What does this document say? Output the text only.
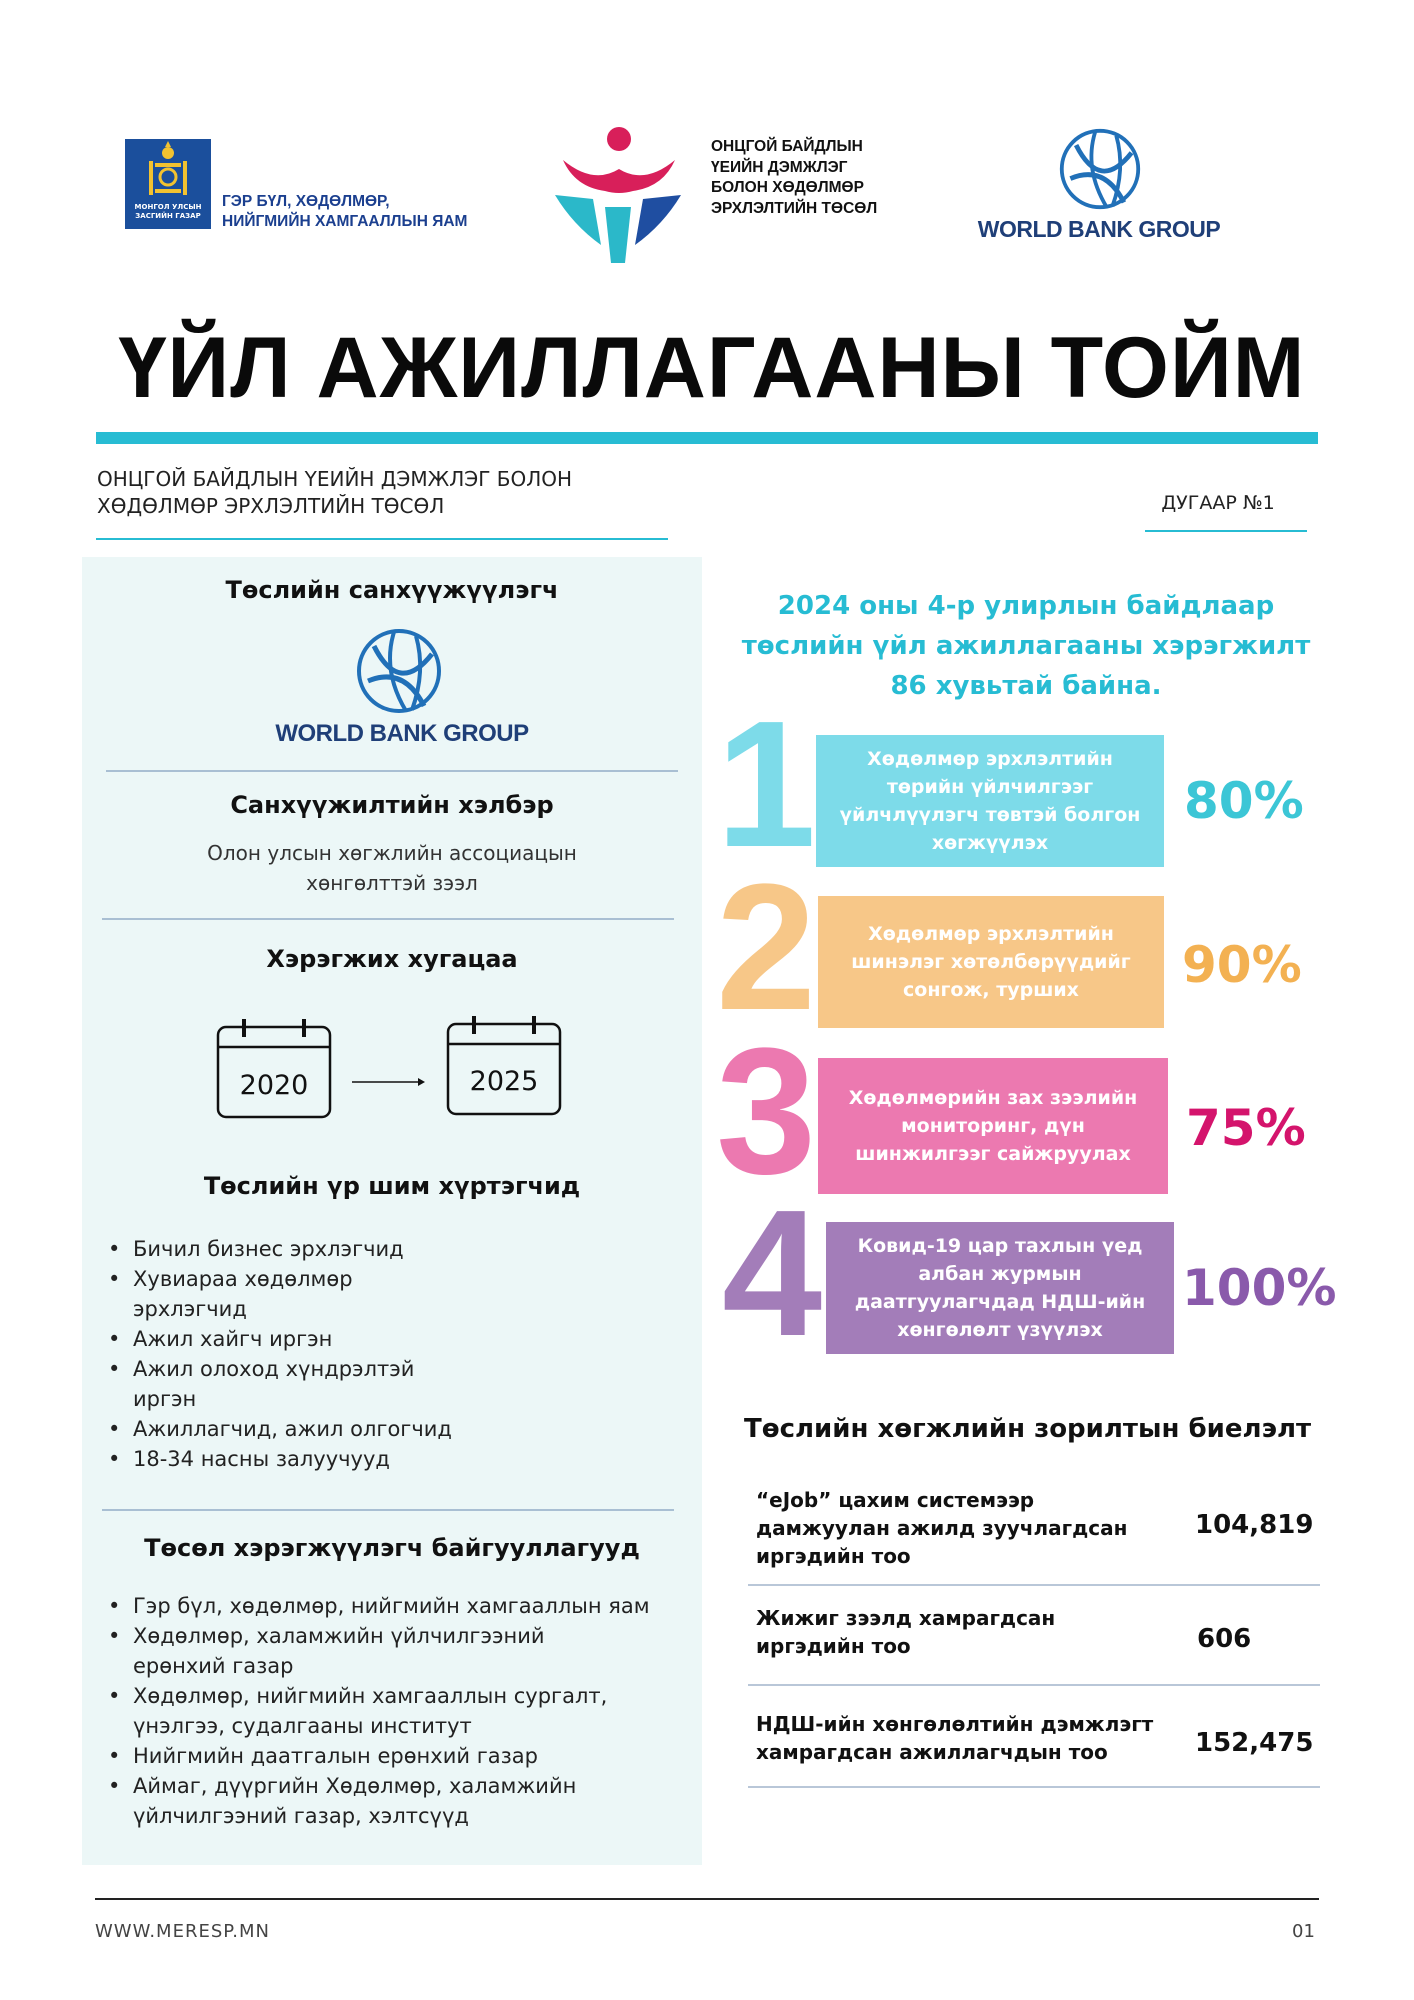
МОНГОЛ УЛСЫН ЗАСГИЙН ГАЗАР
ГЭР БҮЛ, ХӨДӨЛМӨР,
НИЙГМИЙН ХАМГААЛЛЫН ЯАМ
ОНЦГОЙ БАЙДЛЫН
ҮЕИЙН ДЭМЖЛЭГ
БОЛОН ХӨДӨЛМӨР
ЭРХЛЭЛТИЙН ТӨСӨЛ
WORLD BANK GROUP
ҮЙЛ АЖИЛЛАГААНЫ ТОЙМ
ОНЦГОЙ БАЙДЛЫН ҮЕИЙН ДЭМЖЛЭГ БОЛОН
ХӨДӨЛМӨР ЭРХЛЭЛТИЙН ТӨСӨЛ	ДУГААР №1
Төслийн санхүүжүүлэгч
WORLD BANK GROUP
Санхүүжилтийн хэлбэр
Олон улсын хөгжлийн ассоциацын
хөнгөлттэй зээл
Хэрэгжих хугацаа
2020	2025
Төслийн үр шим хүртэгчид
• Бичил бизнес эрхлэгчид
• Хувиараа хөдөлмөр
эрхлэгчид
• Ажил хайгч иргэн
• Ажил олоход хүндрэлтэй
иргэн
• Ажиллагчид, ажил олгогчид
• 18-34 насны залуучууд
Төсөл хэрэгжүүлэгч байгууллагууд
• Гэр бүл, хөдөлмөр, нийгмийн хамгааллын яам
• Хөдөлмөр, халамжийн үйлчилгээний
ерөнхий газар
• Хөдөлмөр, нийгмийн хамгааллын сургалт,
үнэлгээ, судалгааны институт
• Нийгмийн даатгалын ерөнхий газар
• Аймаг, дүүргийн Хөдөлмөр, халамжийн
үйлчилгээний газар, хэлтсүүд
2024 оны 4-р улирлын байдлаар
төслийн үйл ажиллагааны хэрэгжилт
86 хувьтай байна.
1	Хөдөлмөр эрхлэлтийн
төрийн үйлчилгээг
үйлчлүүлэгч төвтэй болгон
хөгжүүлэх
80%
2	Хөдөлмөр эрхлэлтийн
шинэлэг хөтөлбөрүүдийг
сонгож, турших	90%
3 Хөдөлмөрийн зах зээлийн
мониторинг, дүн
шинжилгээг сайжруулах 75%
4 Ковид-19 цар тахлын үед
албан журмын
даатгуулагчдад НДШ-ийн
хөнгөлөлт үзүүлэх
100%
Төслийн хөгжлийн зорилтын биелэлт
“eJob” цахим системээр
дамжуулан ажилд зуучлагдсан
иргэдийн тоо
104,819
Жижиг зээлд хамрагдсан
иргэдийн тоо	606
НДШ-ийн хөнгөлөлтийн дэмжлэгт
хамрагдсан ажиллагчдын тоо	152,475
WWW.MERESP.MN	01
